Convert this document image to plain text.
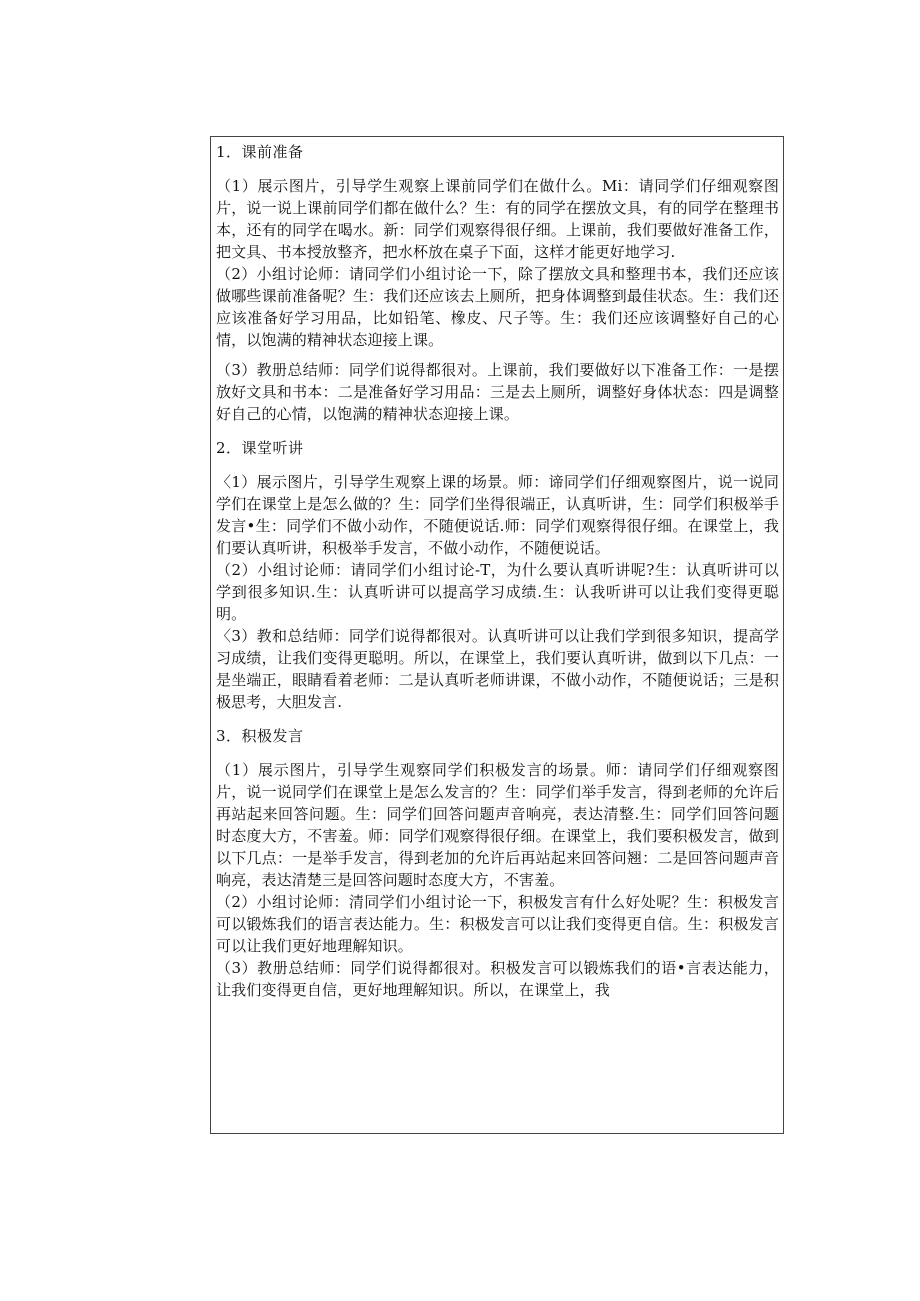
1．课前准备

（1）展示图片，引导学生观察上课前同学们在做什么。Mi：请同学们仔细观察图片，说一说上课前同学们都在做什么？生：有的同学在摆放文具，有的同学在整理书本，还有的同学在喝水。新：同学们观察得很仔细。上课前，我们要做好准备工作，把文具、书本授放整齐，把水杯放在桌子下面，这样才能更好地学习.

（2）小组讨论师：请同学们小组讨论一下，除了摆放文具和整理书本，我们还应该做哪些课前准备呢？生：我们还应该去上厕所，把身体调整到最佳状态。生：我们还应该准备好学习用品，比如铅笔、橡皮、尺子等。生：我们还应该调整好自己的心情，以饱满的精神状态迎接上课。

（3）教册总结师：同学们说得都很对。上课前，我们要做好以下准备工作：一是摆放好文具和书本：二是准备好学习用品：三是去上厕所，调整好身体状态：四是调整好自己的心情，以饱满的精神状态迎接上课。

2．课堂听讲

〈1）展示图片，引导学生观察上课的场景。师：谛同学们仔细观察图片，说一说同学们在课堂上是怎么做的？生：同学们坐得很端正，认真听讲，生：同学们积极举手发言•生：同学们不做小动作，不随便说话.师：同学们观察得很仔细。在课堂上，我们要认真听讲，积极举手发言，不做小动作，不随便说话。

（2）小组讨论师：请同学们小组讨论-T，为什么要认真听讲呢?生：认真听讲可以学到很多知识.生：认真听讲可以提高学习成绩.生：认我听讲可以让我们变得更聪明。

〈3）教和总结师：同学们说得都很对。认真听讲可以让我们学到很多知识，提高学习成绩，让我们变得更聪明。所以，在课堂上，我们要认真听讲，做到以下几点：一是坐端正，眼睛看着老师：二是认真听老师讲课，不做小动作，不随便说话；三是积极思考，大胆发言.

3．积极发言

（1）展示图片，引导学生观察同学们积极发言的场景。师：请同学们仔细观察图片，说一说同学们在课堂上是怎么发言的？生：同学们举手发言，得到老师的允许后再站起来回答问题。生：同学们回答问题声音响亮，表达清整.生：同学们回答问题时态度大方，不害羞。师：同学们观察得很仔细。在课堂上，我们要积极发言，做到以下几点：一是举手发言，得到老加的允许后再站起来回答问翘：二是回答问题声音响亮，表达清楚三是回答问题时态度大方，不害羞。

（2）小组讨论师：清同学们小组讨论一下，积极发言有什么好处呢？生：积极发言可以锻炼我们的语言表达能力。生：积极发言可以让我们变得更自信。生：积极发言可以让我们更好地理解知识。

（3）教册总结师：同学们说得都很对。积极发言可以锻炼我们的语•言表达能力，让我们变得更自信，更好地理解知识。所以，在课堂上，我
